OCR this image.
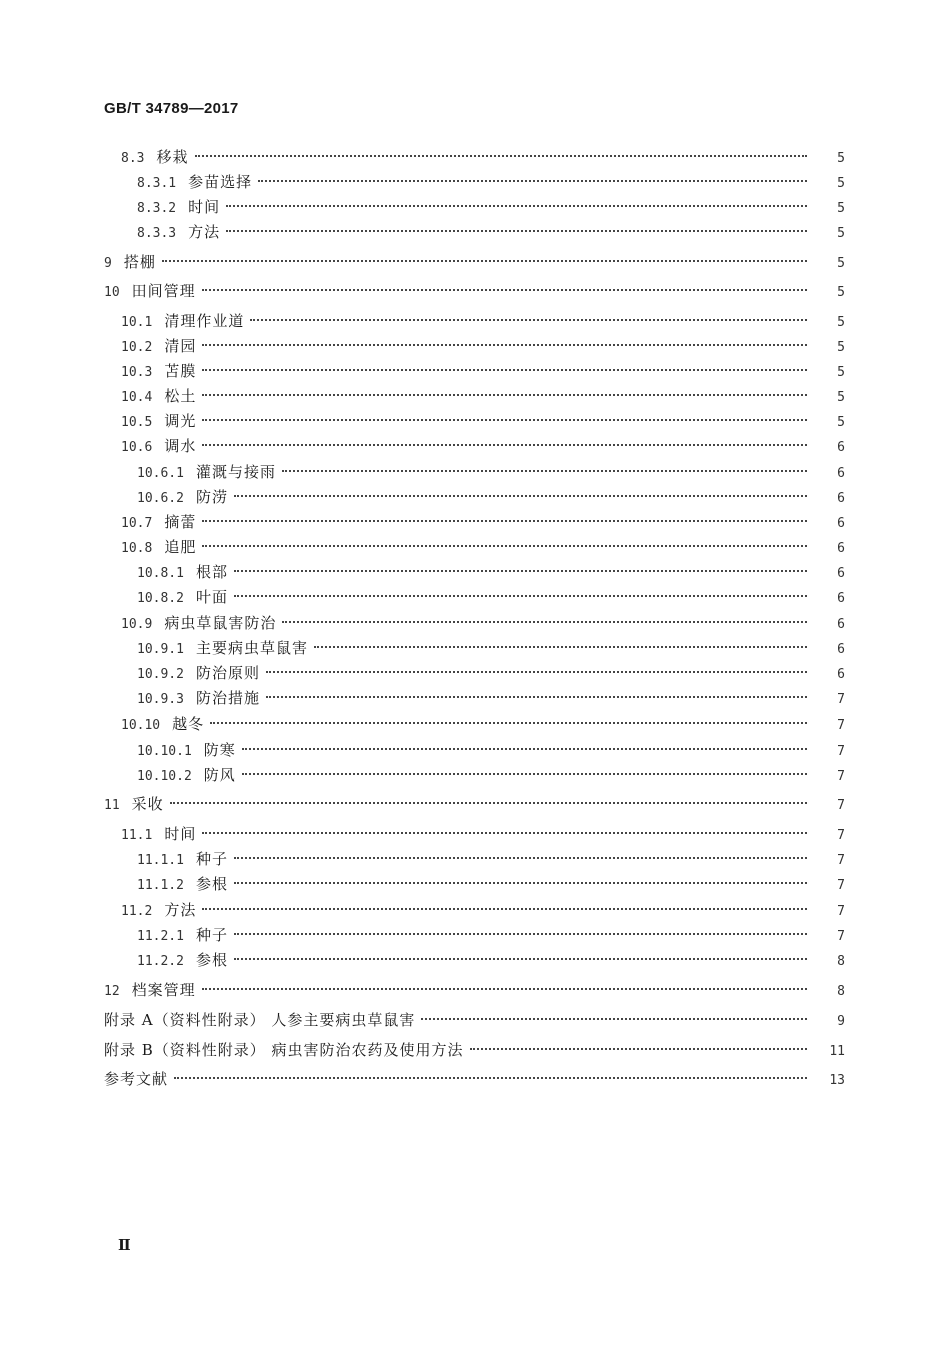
GB/T 34789—2017
8.3 移栽	5
8.3.1 参苗选择	5
8.3.2 时间	5
8.3.3 方法	5
9 搭棚	5
10 田间管理	5
10.1 清理作业道	5
10.2 清园	5
10.3 苫膜	5
10.4 松土	5
10.5 调光	5
10.6 调水	6
10.6.1 灌溉与接雨	6
10.6.2 防涝	6
10.7 摘蕾	6
10.8 追肥	6
10.8.1 根部	6
10.8.2 叶面	6
10.9 病虫草鼠害防治	6
10.9.1 主要病虫草鼠害	6
10.9.2 防治原则	6
10.9.3 防治措施	7
10.10 越冬	7
10.10.1 防寒	7
10.10.2 防风	7
11 采收	7
11.1 时间	7
11.1.1 种子	7
11.1.2 参根	7
11.2 方法	7
11.2.1 种子	7
11.2.2 参根	8
12 档案管理	8
附录 A（资料性附录） 人参主要病虫草鼠害	9
附录 B（资料性附录） 病虫害防治农药及使用方法	11
参考文献	13
Ⅱ
